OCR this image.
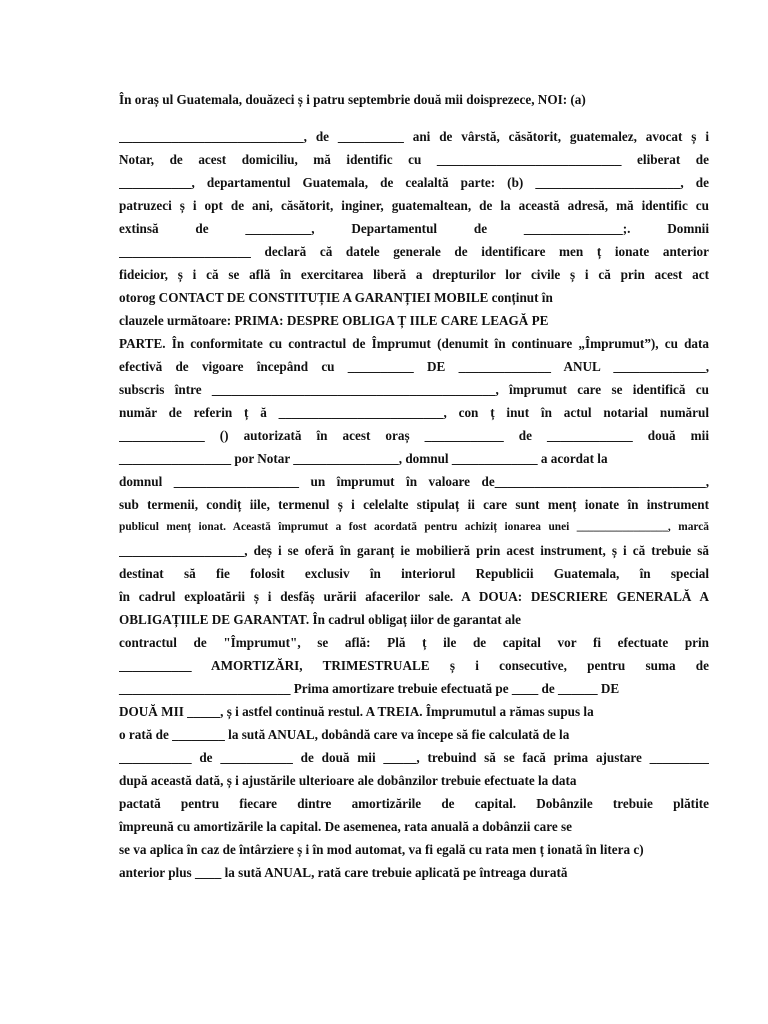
În oraș ul Guatemala, douăzeci ș i patru septembrie două mii doisprezece, NOI: (a)
____________________________, de __________ ani de vârstă, căsătorit, guatemalez, avocat ș i
Notar, de acest domiciliu, mă identific cu ____________________________ eliberat de
___________, departamentul Guatemala, de cealaltă parte: (b) ______________________, de
patruzeci ș i opt de ani, căsătorit, inginer, guatemaltean, de la această adresă, mă identific cu
extinsă de __________, Departamentul de _______________;. Domnii
____________________ declară că datele generale de identificare men ț ionate anterior
fideicior, ș i că se află în exercitarea liberă a drepturilor lor civile ș i că prin acest act
otorog CONTACT DE CONSTITUȚIE A GARANȚIEI MOBILE conținut în
clauzele următoare: PRIMA: DESPRE OBLIGA Ț IILE CARE LEAGĂ PE
PARTE. În conformitate cu contractul de Împrumut (denumit în continuare „Împrumut”), cu data
efectivă de vigoare începând cu __________ DE ______________ ANUL ______________,
subscris între ___________________________________________, împrumut care se identifică cu
număr de referin ț ă _________________________, con ț inut în actul notarial numărul
_____________ () autorizată în acest oraș ____________ de _____________ două mii
_________________ por Notar ________________, domnul _____________ a acordat la
domnul ___________________ un împrumut în valoare de________________________________,
sub termenii, condiț iile, termenul ș i celelalte stipulaț ii care sunt menț ionate în instrument
publicul menț ionat. Această împrumut a fost acordată pentru achiziț ionarea unei ________________, marcă
___________________, deș i se oferă în garanț ie mobilieră prin acest instrument, ș i că trebuie să
destinat să fie folosit exclusiv în interiorul Republicii Guatemala, în special
în cadrul exploatării ș i desfăș urării afacerilor sale. A DOUA: DESCRIERE GENERALĂ A
OBLIGAȚIILE DE GARANTAT. În cadrul obligaț iilor de garantat ale
contractul de "Împrumut", se află: Plă ț ile de capital vor fi efectuate prin
___________ AMORTIZĂRI, TRIMESTRUALE ș i consecutive, pentru suma de
__________________________ Prima amortizare trebuie efectuată pe ____ de ______ DE
DOUĂ MII _____, ș i astfel continuă restul. A TREIA. Împrumutul a rămas supus la
o rată de ________ la sută ANUAL, dobândă care va începe să fie calculată de la
___________ de ___________ de două mii _____, trebuind să se facă prima ajustare _________
după această dată, ș i ajustările ulterioare ale dobânzilor trebuie efectuate la data
pactată pentru fiecare dintre amortizările de capital. Dobânzile trebuie plătite
împreună cu amortizările la capital. De asemenea, rata anuală a dobânzii care se
se va aplica în caz de întârziere ș i în mod automat, va fi egală cu rata men ț ionată în litera c)
anterior plus ____ la sută ANUAL, rată care trebuie aplicată pe întreaga durată
